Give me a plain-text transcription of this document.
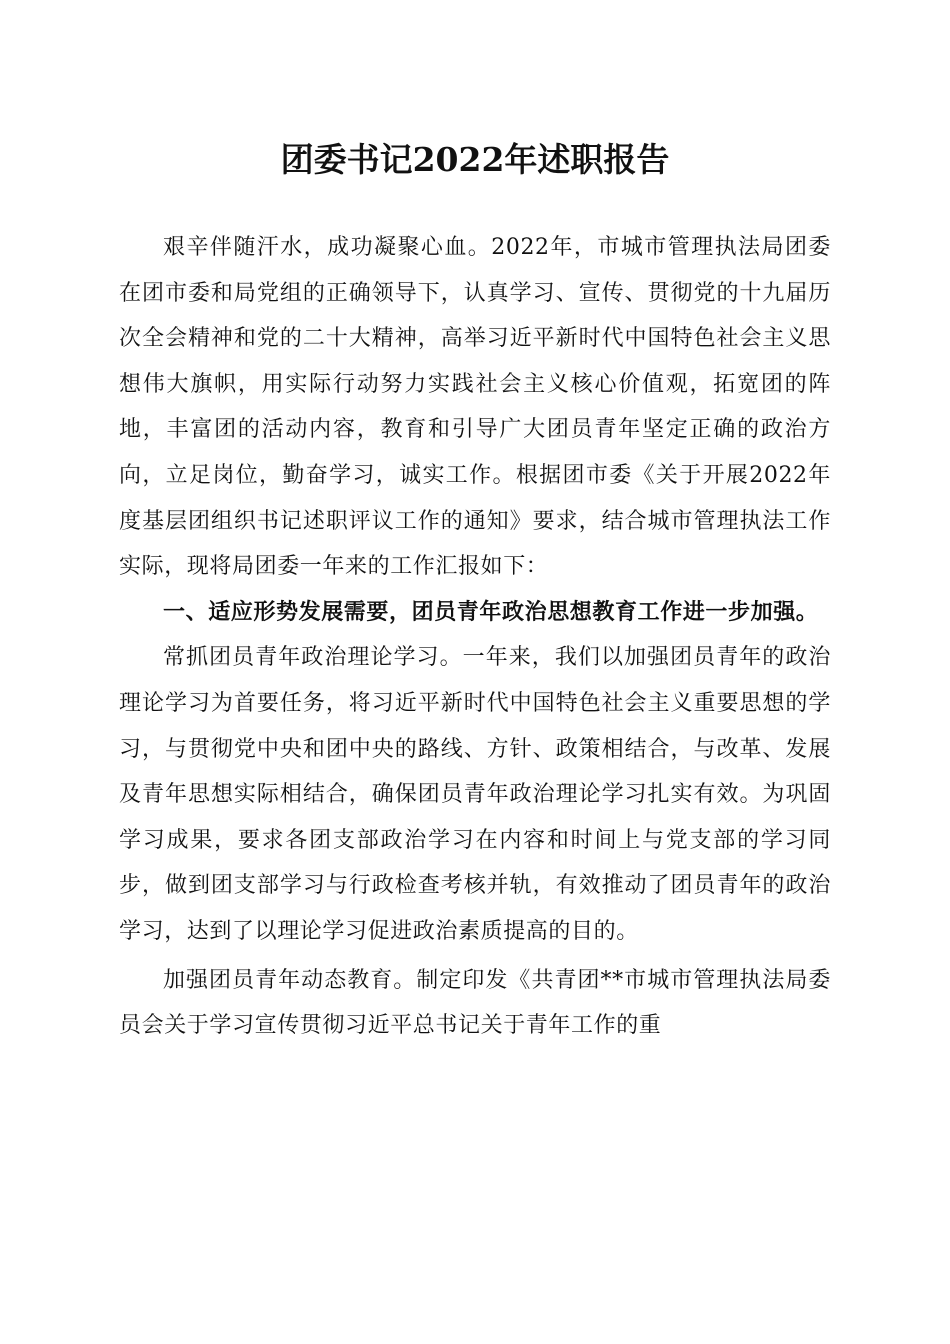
团委书记2022年述职报告

艰辛伴随汗水，成功凝聚心血。2022年，市城市管理执法局团委在团市委和局党组的正确领导下，认真学习、宣传、贯彻党的十九届历次全会精神和党的二十大精神，高举习近平新时代中国特色社会主义思想伟大旗帜，用实际行动努力实践社会主义核心价值观，拓宽团的阵地，丰富团的活动内容，教育和引导广大团员青年坚定正确的政治方向，立足岗位，勤奋学习，诚实工作。根据团市委《关于开展2022年度基层团组织书记述职评议工作的通知》要求，结合城市管理执法工作实际，现将局团委一年来的工作汇报如下：

一、适应形势发展需要，团员青年政治思想教育工作进一步加强。

常抓团员青年政治理论学习。一年来，我们以加强团员青年的政治理论学习为首要任务，将习近平新时代中国特色社会主义重要思想的学习，与贯彻党中央和团中央的路线、方针、政策相结合，与改革、发展及青年思想实际相结合，确保团员青年政治理论学习扎实有效。为巩固学习成果，要求各团支部政治学习在内容和时间上与党支部的学习同步，做到团支部学习与行政检查考核并轨，有效推动了团员青年的政治学习，达到了以理论学习促进政治素质提高的目的。

加强团员青年动态教育。制定印发《共青团**市城市管理执法局委员会关于学习宣传贯彻习近平总书记关于青年工作的重
